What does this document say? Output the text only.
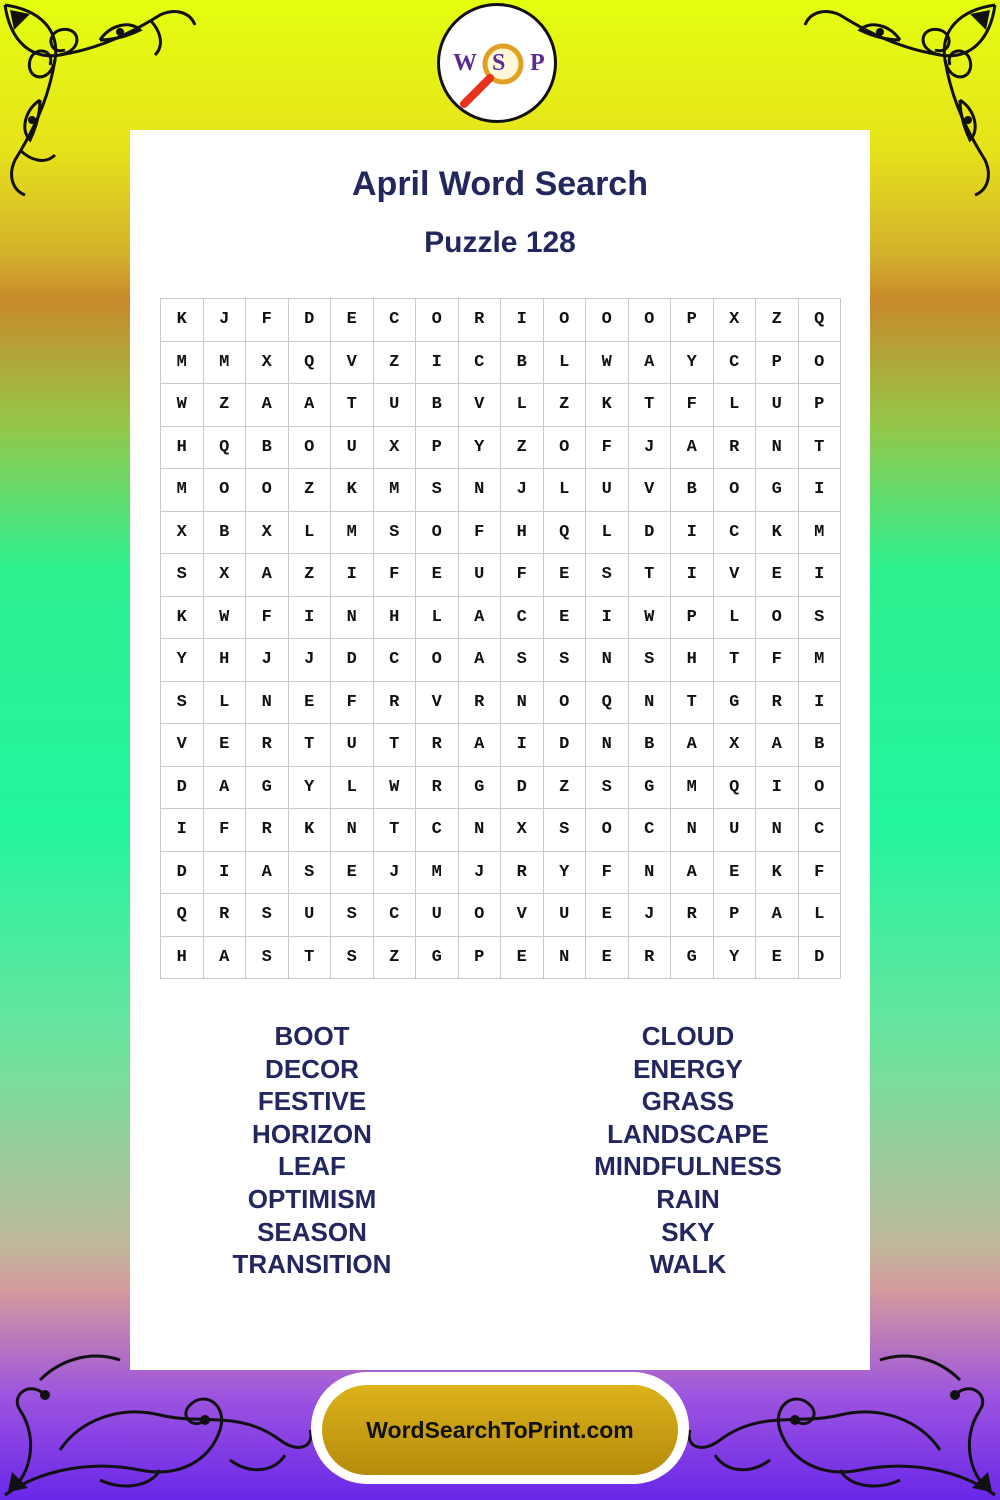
W S P
April Word Search
Puzzle 128
K	J	F	D	E	C	O	R	I	O	O	O	P	X	Z	Q
M	M	X	Q	V	Z	I	C	B	L	W	A	Y	C	P	O
W	Z	A	A	T	U	B	V	L	Z	K	T	F	L	U	P
H	Q	B	O	U	X	P	Y	Z	O	F	J	A	R	N	T
M	O	O	Z	K	M	S	N	J	L	U	V	B	O	G	I
X	B	X	L	M	S	O	F	H	Q	L	D	I	C	K	M
S	X	A	Z	I	F	E	U	F	E	S	T	I	V	E	I
K	W	F	I	N	H	L	A	C	E	I	W	P	L	O	S
Y	H	J	J	D	C	O	A	S	S	N	S	H	T	F	M
S	L	N	E	F	R	V	R	N	O	Q	N	T	G	R	I
V	E	R	T	U	T	R	A	I	D	N	B	A	X	A	B
D	A	G	Y	L	W	R	G	D	Z	S	G	M	Q	I	O
I	F	R	K	N	T	C	N	X	S	O	C	N	U	N	C
D	I	A	S	E	J	M	J	R	Y	F	N	A	E	K	F
Q	R	S	U	S	C	U	O	V	U	E	J	R	P	A	L
H	A	S	T	S	Z	G	P	E	N	E	R	G	Y	E	D
BOOT
DECOR
FESTIVE
HORIZON
LEAF
OPTIMISM
SEASON
TRANSITION
CLOUD
ENERGY
GRASS
LANDSCAPE
MINDFULNESS
RAIN
SKY
WALK
WordSearchToPrint.com
